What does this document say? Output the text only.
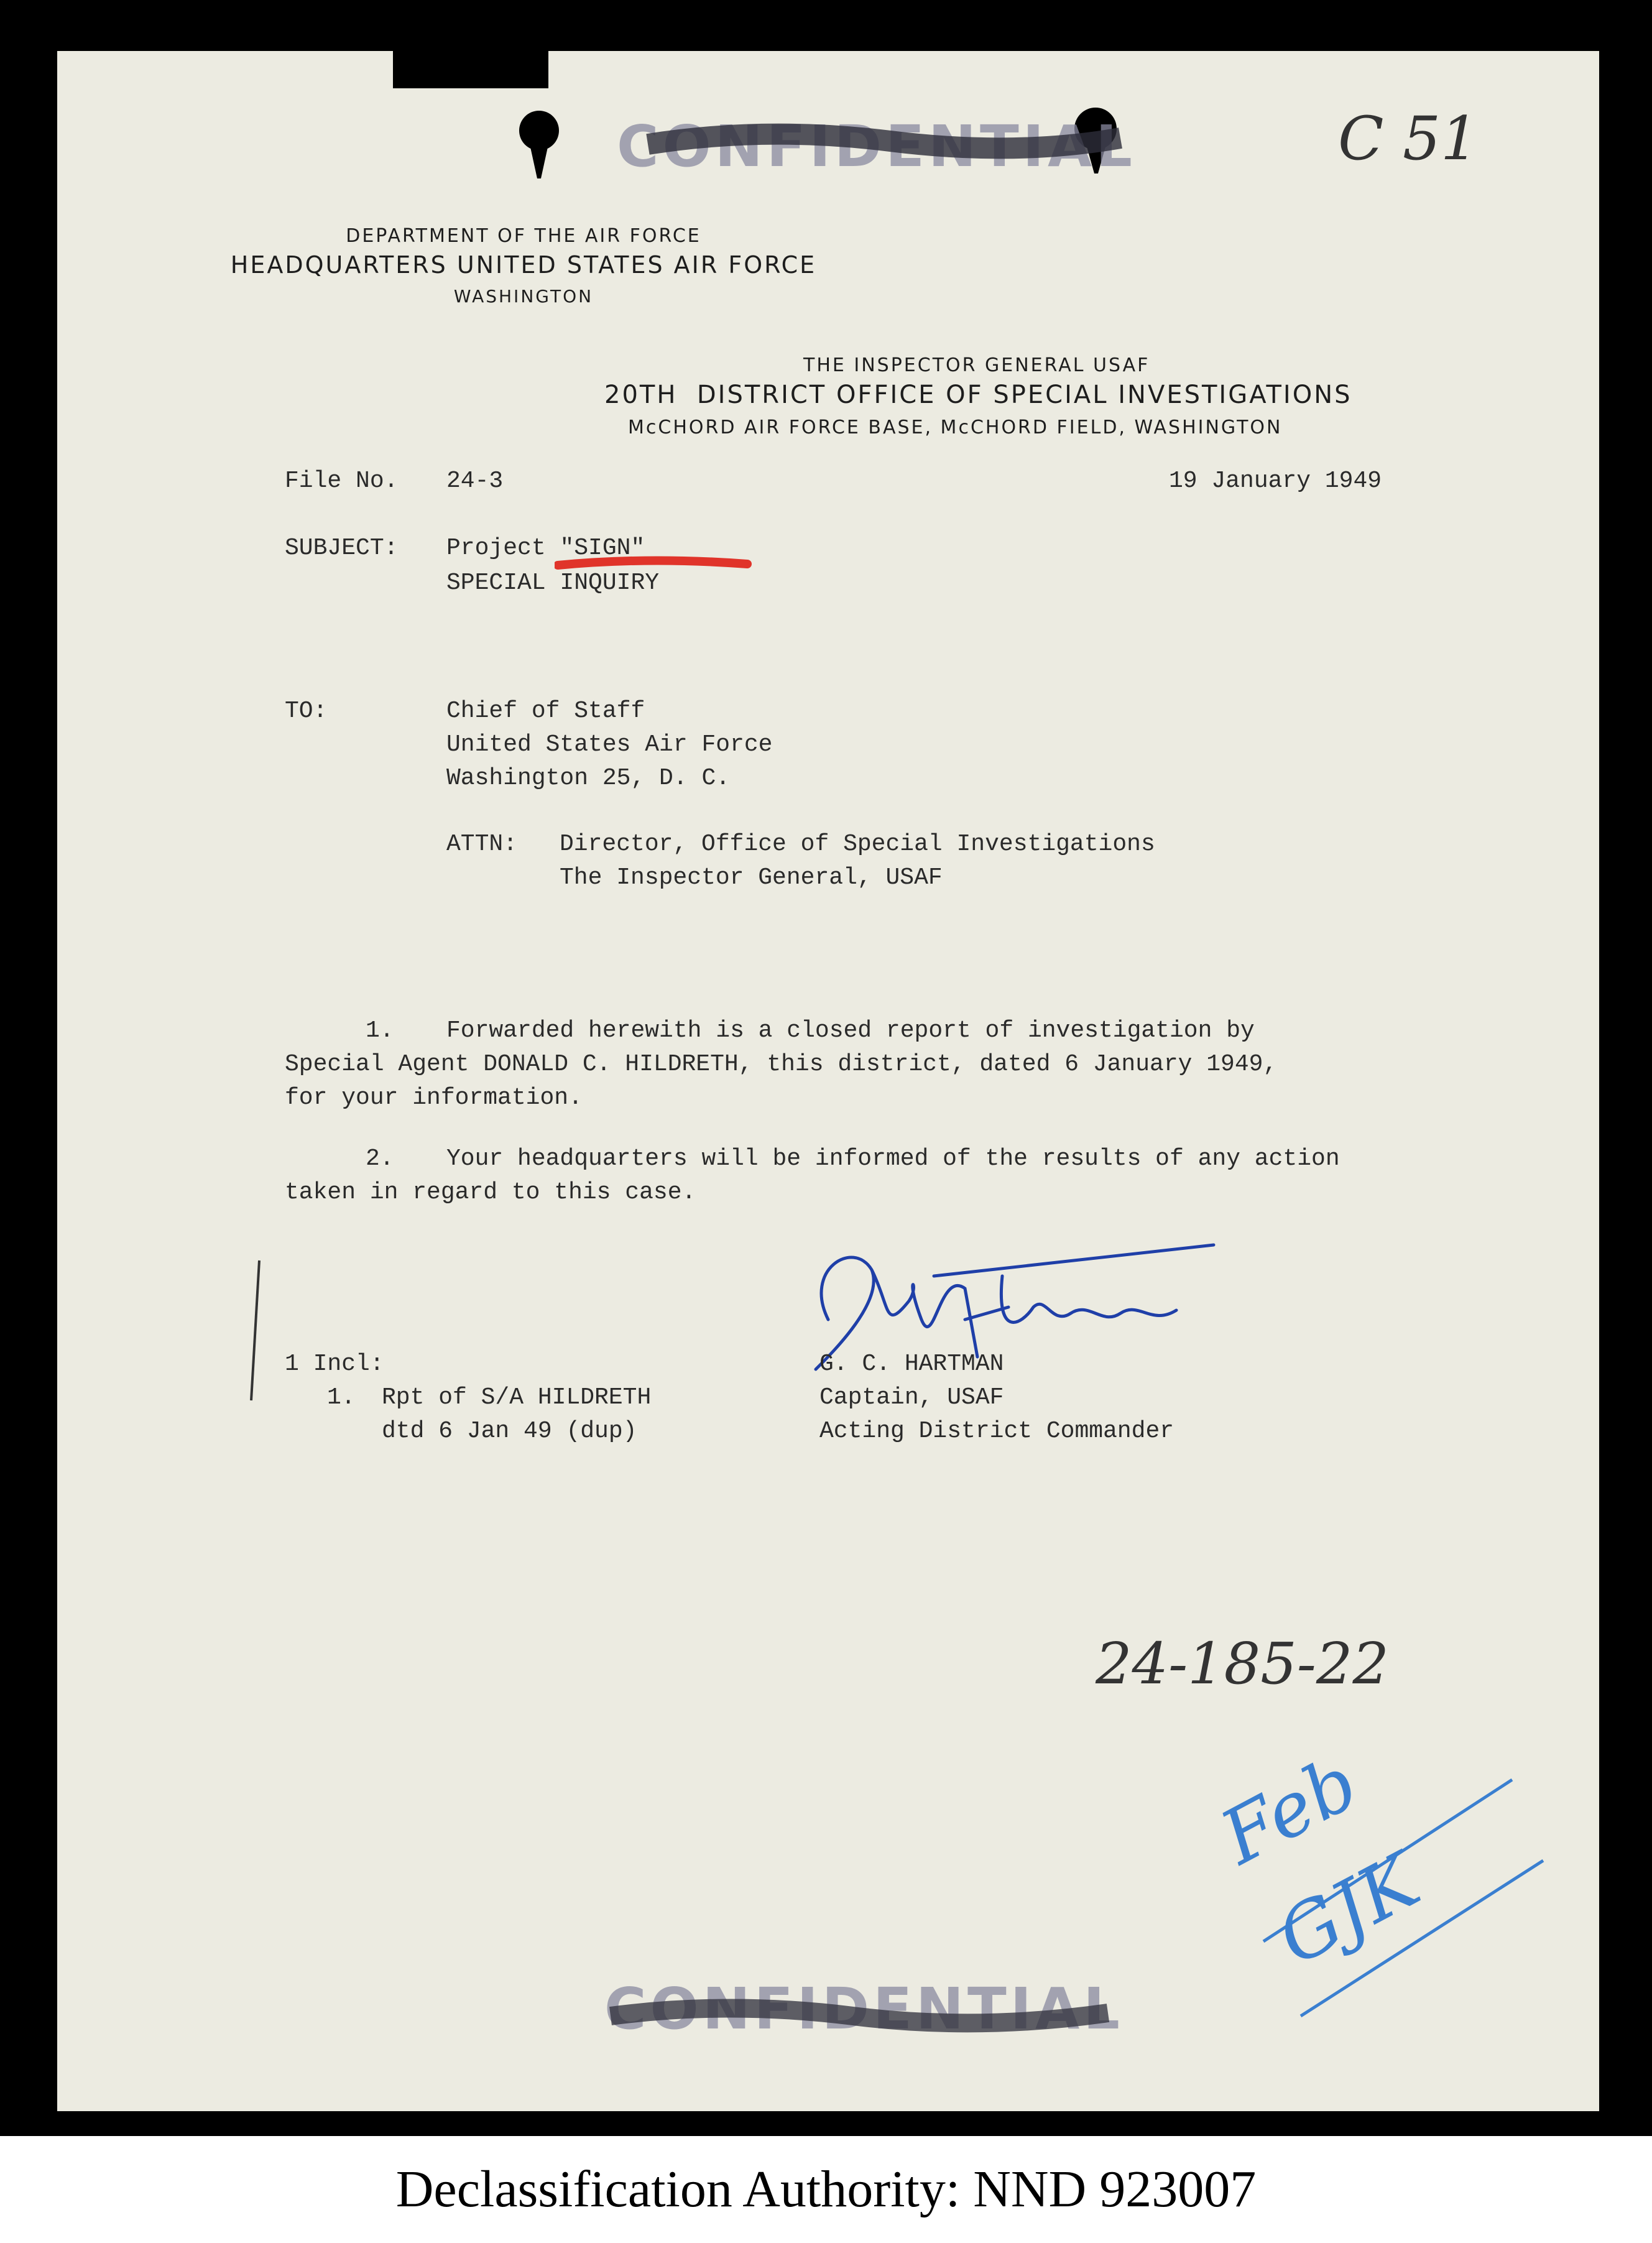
CONFIDENTIAL	C 51
DEPARTMENT OF THE AIR FORCE
HEADQUARTERS UNITED STATES AIR FORCE
WASHINGTON
THE INSPECTOR GENERAL USAF
20TH DISTRICT OFFICE OF SPECIAL INVESTIGATIONS
McCHORD AIR FORCE BASE, McCHORD FIELD, WASHINGTON
File No. 24-3	19 January 1949
SUBJECT: Project "SIGN"
SPECIAL INQUIRY
TO:	Chief of Staff
United States Air Force
Washington 25, D. C.
ATTN: Director, Office of Special Investigations
The Inspector General, USAF
1. Forwarded herewith is a closed report of investigation by
Special Agent DONALD C. HILDRETH, this district, dated 6 January 1949,
for your information.
2. Your headquarters will be informed of the results of any action
taken in regard to this case.
G. C. HARTMAN
Captain, USAF
Acting District Commander
1 Incl:
1. Rpt of S/A HILDRETH
dtd 6 Jan 49 (dup)
24-185-22
Feb
GJK
CONFIDENTIAL
Declassification Authority: NND 923007
